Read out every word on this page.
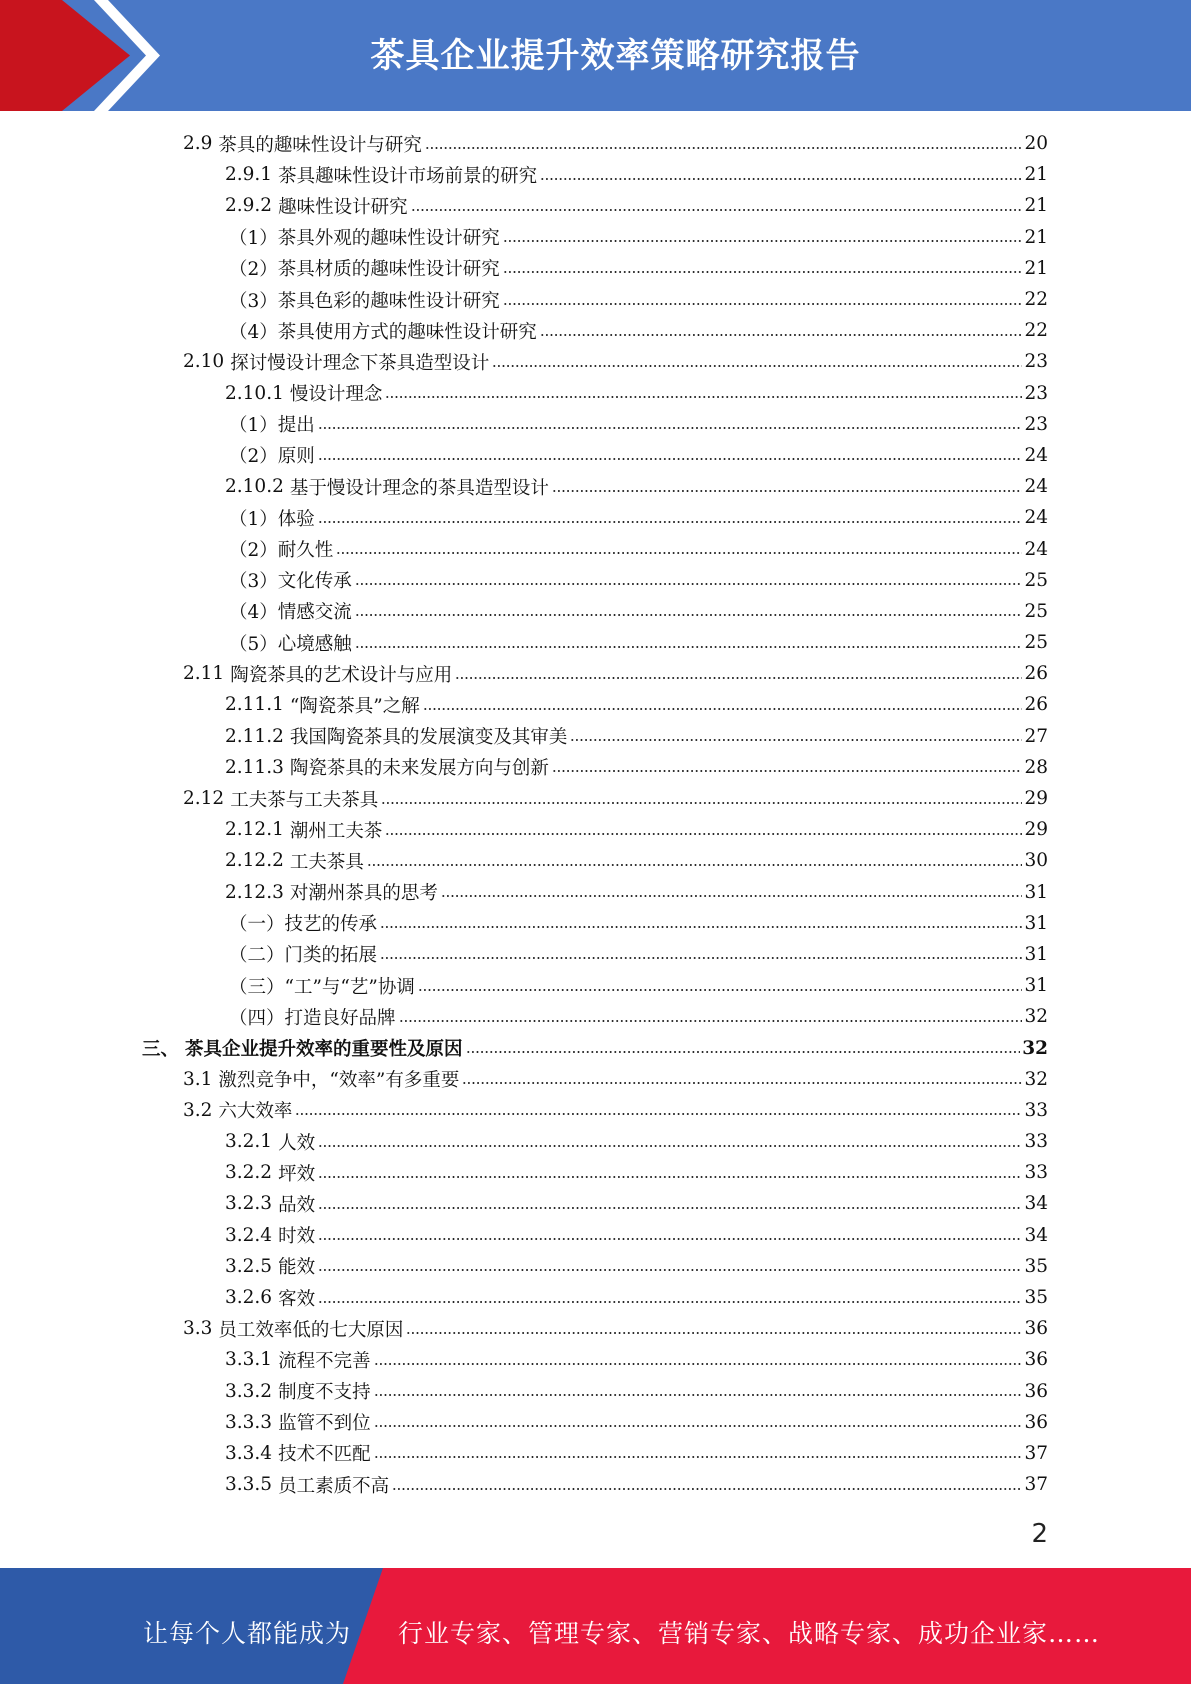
茶具企业提升效率策略研究报告
2.9 茶具的趣味性设计与研究	20
2.9.1 茶具趣味性设计市场前景的研究	21
2.9.2 趣味性设计研究	21
（1） 茶具外观的趣味性设计研究	21
（2） 茶具材质的趣味性设计研究	21
（3） 茶具色彩的趣味性设计研究	22
（4） 茶具使用方式的趣味性设计研究	22
2.10 探讨慢设计理念下茶具造型设计	23
2.10.1 慢设计理念	23
（1） 提出	23
（2） 原则	24
2.10.2 基于慢设计理念的茶具造型设计	24
（1） 体验	24
（2） 耐久性	24
（3） 文化传承	25
（4） 情感交流	25
（5） 心境感触	25
2.11 陶瓷茶具的艺术设计与应用	26
2.11.1 “陶瓷茶具”之解	26
2.11.2 我国陶瓷茶具的发展演变及其审美	27
2.11.3 陶瓷茶具的未来发展方向与创新	28
2.12 工夫茶与工夫茶具	29
2.12.1 潮州工夫茶	29
2.12.2 工夫茶具	30
2.12.3 对潮州茶具的思考	31
（一） 技艺的传承	31
（二） 门类的拓展	31
（三） “工”与“艺”协调	31
（四） 打造良好品牌	32
三、 茶具企业提升效率的重要性及原因	32
3.1 激烈竞争中，“效率”有多重要	32
3.2 六大效率	33
3.2.1 人效	33
3.2.2 坪效	33
3.2.3 品效	34
3.2.4 时效	34
3.2.5 能效	35
3.2.6 客效	35
3.3 员工效率低的七大原因	36
3.3.1 流程不完善	36
3.3.2 制度不支持	36
3.3.3 监管不到位	36
3.3.4 技术不匹配	37
3.3.5 员工素质不高	37
2
让每个人都能成为 行业专家、管理专家、营销专家、战略专家、成功企业家……
